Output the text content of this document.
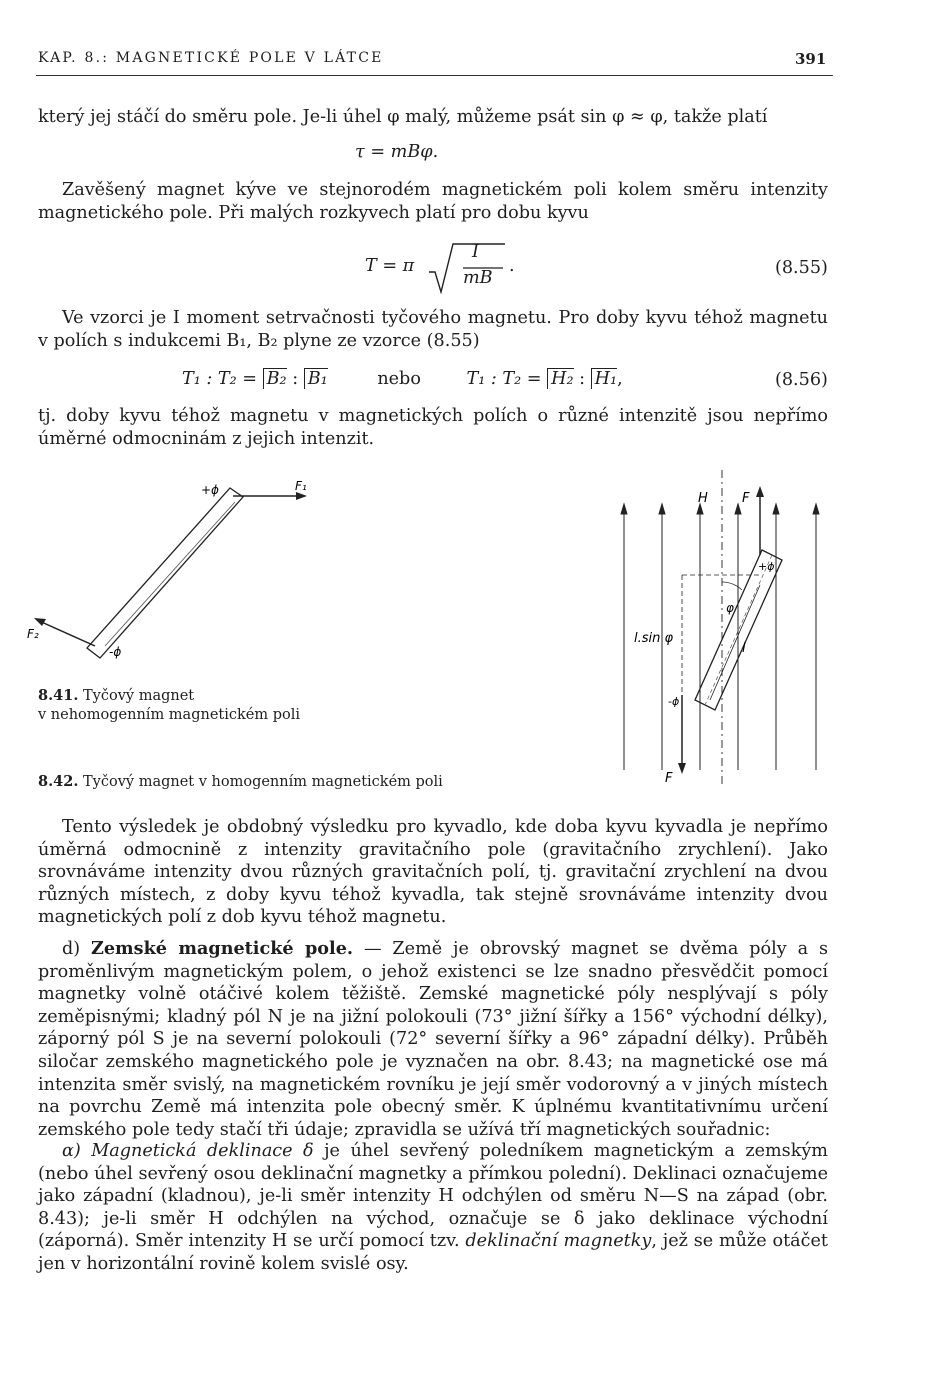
KAP. 8.: MAGNETICKÉ POLE V LÁTCE	391

který jej stáčí do směru pole. Je-li úhel φ malý, můžeme psát sin φ ≈ φ, takže platí

τ = mBφ.

Zavěšený magnet kýve ve stejnorodém magnetickém poli kolem směru intenzity magnetického pole. Při malých rozkyvech platí pro dobu kyvu

T = π
I
mB
.	(8.55)

Ve vzorci je I moment setrvačnosti tyčového magnetu. Pro doby kyvu téhož magnetu v polích s indukcemi B₁, B₂ plyne ze vzorce (8.55)

T₁ : T₂ = B₂ : B₁	nebo	T₁ : T₂ = H₂ : H₁,	(8.56)

tj. doby kyvu téhož magnetu v magnetických polích o různé intenzitě jsou nepřímo úměrné odmocninám z jejich intenzit.

+ϕ
-ϕ
F₁
F₂
8.41. Tyčový magnet
v nehomogenním magnetickém poli
H	F
F
+ϕ
-ϕ
φ
l
l.sin φ
8.42. Tyčový magnet v homogenním magnetickém poli

Tento výsledek je obdobný výsledku pro kyvadlo, kde doba kyvu kyvadla je nepřímo úměrná odmocnině z intenzity gravitačního pole (gravitačního zrychlení). Jako srovnáváme intenzity dvou různých gravitačních polí, tj. gravitační zrychlení na dvou různých místech, z doby kyvu téhož kyvadla, tak stejně srovnáváme intenzity dvou magnetických polí z dob kyvu téhož magnetu.

d) Zemské magnetické pole. — Země je obrovský magnet se dvěma póly a s proměnlivým magnetickým polem, o jehož existenci se lze snadno přesvědčit pomocí magnetky volně otáčivé kolem těžiště. Zemské magnetické póly nesplývají s póly zeměpisnými; kladný pól N je na jižní polokouli (73° jižní šířky a 156° východní délky), záporný pól S je na severní polokouli (72° severní šířky a 96° západní délky). Průběh siločar zemského magnetického pole je vyznačen na obr. 8.43; na magnetické ose má intenzita směr svislý, na magnetickém rovníku je její směr vodorovný a v jiných místech na povrchu Země má intenzita pole obecný směr. K úplnému kvantitativnímu určení zemského pole tedy stačí tři údaje; zpravidla se užívá tří magnetických souřadnic:

α) Magnetická deklinace δ je úhel sevřený poledníkem magnetickým a zemským (nebo úhel sevřený osou deklinační magnetky a přímkou polední). Deklinaci označujeme jako západní (kladnou), je-li směr intenzity H odchýlen od směru N—S na západ (obr. 8.43); je-li směr H odchýlen na východ, označuje se δ jako deklinace východní (záporná). Směr intenzity H se určí pomocí tzv. deklinační magnetky, jež se může otáčet jen v horizontální rovině kolem svislé osy.
